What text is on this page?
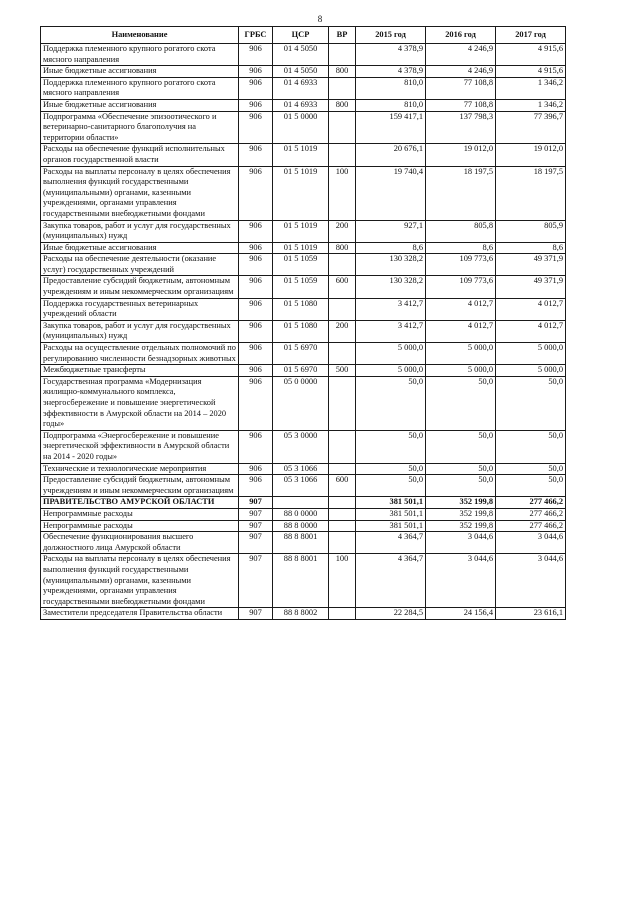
8
Наименование	ГРБС	ЦСР	ВР	2015 год	2016 год	2017 год
Поддержка племенного крупного рогатого скота мясного направления	906	01 4 5050		4 378,9	4 246,9	4 915,6
Иные бюджетные ассигнования	906	01 4 5050	800	4 378,9	4 246,9	4 915,6
Поддержка племенного крупного рогатого скота мясного направления	906	01 4 6933		810,0	77 108,8	1 346,2
Иные бюджетные ассигнования	906	01 4 6933	800	810,0	77 108,8	1 346,2
Подпрограмма «Обеспечение эпизоотического и ветеринарно-санитарного благополучия на территории области»	906	01 5 0000		159 417,1	137 798,3	77 396,7
Расходы на обеспечение функций исполнительных органов государственной власти	906	01 5 1019		20 676,1	19 012,0	19 012,0
Расходы на выплаты персоналу в целях обеспечения выполнения функций государственными (муниципальными) органами, казенными учреждениями, органами управления государственными внебюджетными фондами	906	01 5 1019	100	19 740,4	18 197,5	18 197,5
Закупка товаров, работ и услуг для государственных (муниципальных) нужд	906	01 5 1019	200	927,1	805,8	805,9
Иные бюджетные ассигнования	906	01 5 1019	800	8,6	8,6	8,6
Расходы на обеспечение деятельности (оказание услуг) государственных учреждений	906	01 5 1059		130 328,2	109 773,6	49 371,9
Предоставление субсидий бюджетным, автономным учреждениям и иным некоммерческим организациям	906	01 5 1059	600	130 328,2	109 773,6	49 371,9
Поддержка государственных ветеринарных учреждений области	906	01 5 1080		3 412,7	4 012,7	4 012,7
Закупка товаров, работ и услуг для государственных (муниципальных) нужд	906	01 5 1080	200	3 412,7	4 012,7	4 012,7
Расходы на осуществление отдельных полномочий по регулированию численности безнадзорных животных	906	01 5 6970		5 000,0	5 000,0	5 000,0
Межбюджетные трансферты	906	01 5 6970	500	5 000,0	5 000,0	5 000,0
Государственная программа «Модернизация жилищно-коммунального комплекса, энергосбережение и повышение энергетической эффективности в Амурской области на 2014 – 2020 годы»	906	05 0 0000		50,0	50,0	50,0
Подпрограмма «Энергосбережение и повышение энергетической эффективности в Амурской области на 2014 - 2020 годы»	906	05 3 0000		50,0	50,0	50,0
Технические и технологические мероприятия	906	05 3 1066		50,0	50,0	50,0
Предоставление субсидий бюджетным, автономным учреждениям и иным некоммерческим организациям	906	05 3 1066	600	50,0	50,0	50,0
ПРАВИТЕЛЬСТВО АМУРСКОЙ ОБЛАСТИ	907			381 501,1	352 199,8	277 466,2
Непрограммные расходы	907	88 0 0000		381 501,1	352 199,8	277 466,2
Непрограммные расходы	907	88 8 0000		381 501,1	352 199,8	277 466,2
Обеспечение функционирования высшего должностного лица Амурской области	907	88 8 8001		4 364,7	3 044,6	3 044,6
Расходы на выплаты персоналу в целях обеспечения выполнения функций государственными (муниципальными) органами, казенными учреждениями, органами управления государственными внебюджетными фондами	907	88 8 8001	100	4 364,7	3 044,6	3 044,6
Заместители председателя Правительства области	907	88 8 8002		22 284,5	24 156,4	23 616,1
